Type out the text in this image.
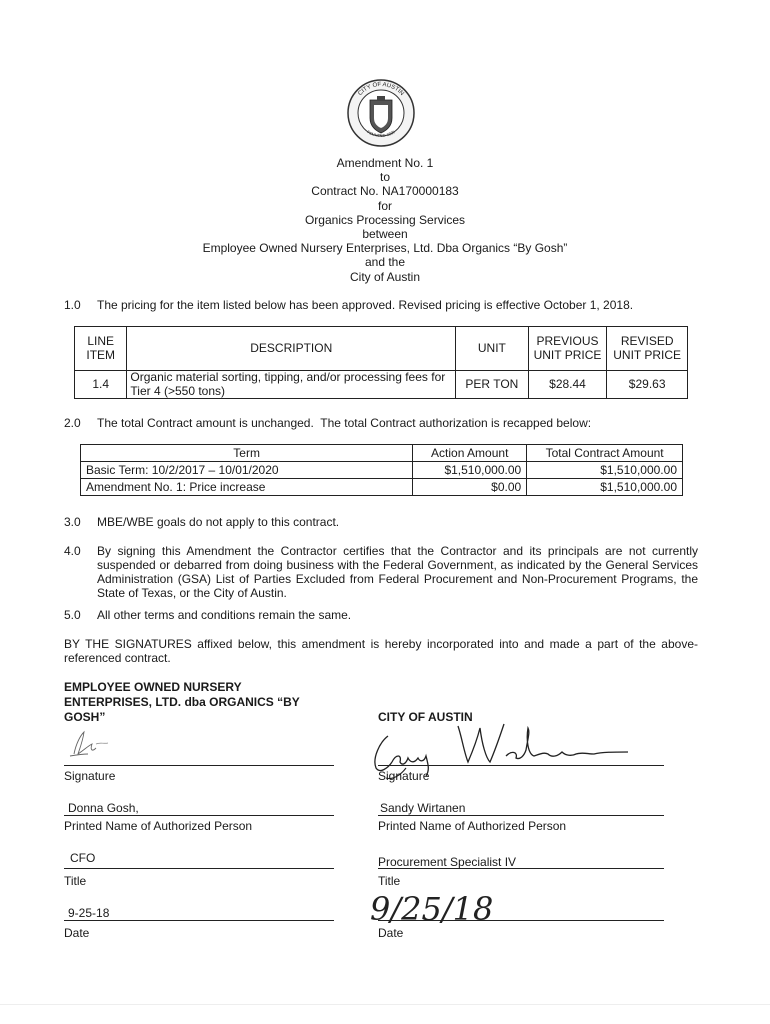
CITY OF AUSTIN
FOUNDED 1839
Amendment No. 1
to
Contract No. NA170000183
for
Organics Processing Services
between
Employee Owned Nursery Enterprises, Ltd. Dba Organics “By Gosh”
and the
City of Austin
1.0 The pricing for the item listed below has been approved. Revised pricing is effective October 1, 2018.
LINE ITEM	DESCRIPTION	UNIT	PREVIOUS UNIT PRICE	REVISED UNIT PRICE
1.4	Organic material sorting, tipping, and/or processing fees for Tier 4 (>550 tons)	PER TON	$28.44	$29.63
2.0 The total Contract amount is unchanged.  The total Contract authorization is recapped below:
Term	Action Amount	Total Contract Amount
Basic Term: 10/2/2017 – 10/01/2020	$1,510,000.00	$1,510,000.00
Amendment No. 1: Price increase	$0.00	$1,510,000.00
3.0 MBE/WBE goals do not apply to this contract.
4.0 By signing this Amendment the Contractor certifies that the Contractor and its principals are not currently suspended or debarred from doing business with the Federal Government, as indicated by the General Services Administration (GSA) List of Parties Excluded from Federal Procurement and Non-Procurement Programs, the State of Texas, or the City of Austin.
5.0 All other terms and conditions remain the same.
BY THE SIGNATURES affixed below, this amendment is hereby incorporated into and made a part of the above-referenced contract.
EMPLOYEE OWNED NURSERY
ENTERPRISES, LTD. dba ORGANICS “BY
GOSH”
Signature
Donna Gosh,
Printed Name of Authorized Person
CFO
Title
9-25-18
Date
CITY OF AUSTIN
Signature
Sandy Wirtanen
Printed Name of Authorized Person
Procurement Specialist IV
Title
9/25/18
Date
